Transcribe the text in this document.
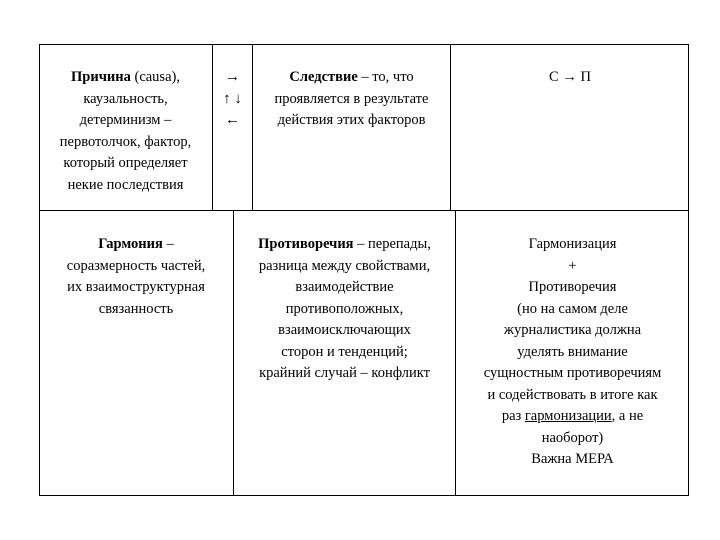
Причина (causa),
каузальность,
детерминизм –
первотолчок, фактор,
который определяет
некие последствия
→
↑ ↓
←
Следствие – то, что
проявляется в результате
действия этих факторов
С → П
Гармония –
соразмерность частей,
их взаимоструктурная
связанность
Противоречия – перепады,
разница между свойствами,
взаимодействие
противоположных,
взаимоисключающих
сторон и тенденций;
крайний случай – конфликт
Гармонизация
+
Противоречия
(но на самом деле
журналистика должна
уделять внимание
сущностным противоречиям
и содействовать в итоге как
раз гармонизации, а не
наоборот)
Важна МЕРА
